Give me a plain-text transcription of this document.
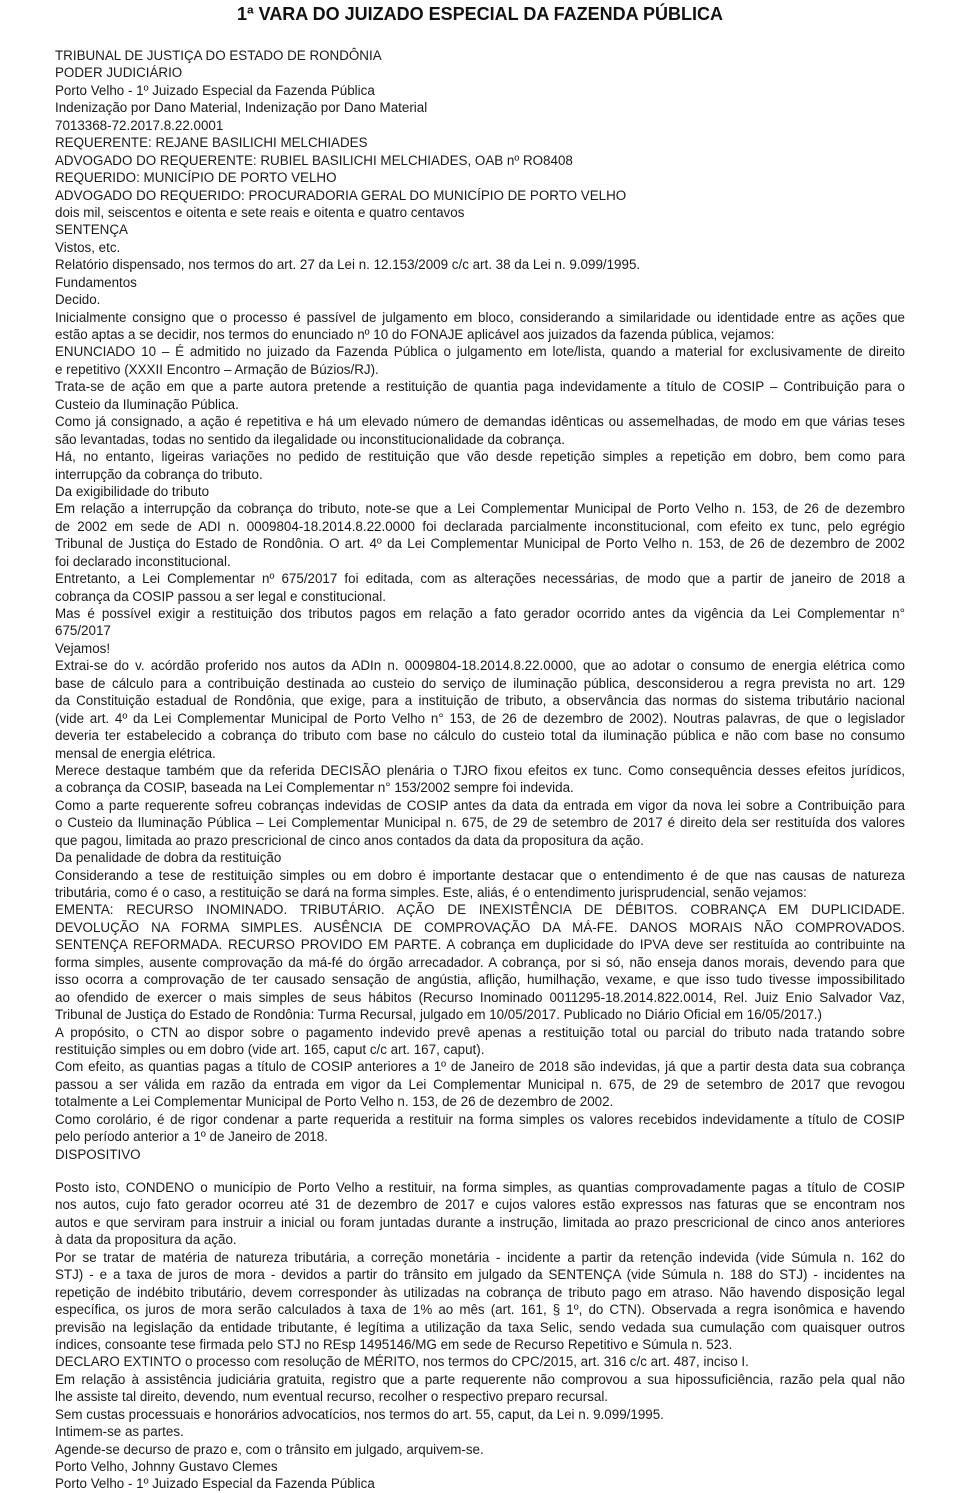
1ª VARA DO JUIZADO ESPECIAL DA FAZENDA PÚBLICA
TRIBUNAL DE JUSTIÇA DO ESTADO DE RONDÔNIA
PODER JUDICIÁRIO
Porto Velho - 1º Juizado Especial da Fazenda Pública
Indenização por Dano Material, Indenização por Dano Material
7013368-72.2017.8.22.0001
REQUERENTE: REJANE BASILICHI MELCHIADES
ADVOGADO DO REQUERENTE: RUBIEL BASILICHI MELCHIADES, OAB nº RO8408
REQUERIDO: MUNICÍPIO DE PORTO VELHO
ADVOGADO DO REQUERIDO: PROCURADORIA GERAL DO MUNICÍPIO DE PORTO VELHO
dois mil, seiscentos e oitenta e sete reais e oitenta e quatro centavos
SENTENÇA
Vistos, etc.
Relatório dispensado, nos termos do art. 27 da Lei n. 12.153/2009 c/c art. 38 da Lei n. 9.099/1995.
Fundamentos
Decido.
Inicialmente consigno que o processo é passível de julgamento em bloco, considerando a similaridade ou identidade entre as ações que
estão aptas a se decidir, nos termos do enunciado nº 10 do FONAJE aplicável aos juizados da fazenda pública, vejamos:
ENUNCIADO 10 – É admitido no juizado da Fazenda Pública o julgamento em lote/lista, quando a material for exclusivamente de direito
e repetitivo (XXXII Encontro – Armação de Búzios/RJ).
Trata-se de ação em que a parte autora pretende a restituição de quantia paga indevidamente a título de COSIP – Contribuição para o
Custeio da Iluminação Pública.
Como já consignado, a ação é repetitiva e há um elevado número de demandas idênticas ou assemelhadas, de modo em que várias teses
são levantadas, todas no sentido da ilegalidade ou inconstitucionalidade da cobrança.
Há, no entanto, ligeiras variações no pedido de restituição que vão desde repetição simples a repetição em dobro, bem como para
interrupção da cobrança do tributo.
Da exigibilidade do tributo
Em relação a interrupção da cobrança do tributo, note-se que a Lei Complementar Municipal de Porto Velho n. 153, de 26 de dezembro
de 2002 em sede de ADI n. 0009804-18.2014.8.22.0000 foi declarada parcialmente inconstitucional, com efeito ex tunc, pelo egrégio
Tribunal de Justiça do Estado de Rondônia. O art. 4º da Lei Complementar Municipal de Porto Velho n. 153, de 26 de dezembro de 2002
foi declarado inconstitucional.
Entretanto, a Lei Complementar nº 675/2017 foi editada, com as alterações necessárias, de modo que a partir de janeiro de 2018 a
cobrança da COSIP passou a ser legal e constitucional.
Mas é possível exigir a restituição dos tributos pagos em relação a fato gerador ocorrido antes da vigência da Lei Complementar n°
675/2017
Vejamos!
Extrai-se do v. acórdão proferido nos autos da ADIn n. 0009804-18.2014.8.22.0000, que ao adotar o consumo de energia elétrica como
base de cálculo para a contribuição destinada ao custeio do serviço de iluminação pública, desconsiderou a regra prevista no art. 129
da Constituição estadual de Rondônia, que exige, para a instituição de tributo, a observância das normas do sistema tributário nacional
(vide art. 4º da Lei Complementar Municipal de Porto Velho n° 153, de 26 de dezembro de 2002). Noutras palavras, de que o legislador
deveria ter estabelecido a cobrança do tributo com base no cálculo do custeio total da iluminação pública e não com base no consumo
mensal de energia elétrica.
Merece destaque também que da referida DECISÃO plenária o TJRO fixou efeitos ex tunc. Como consequência desses efeitos jurídicos,
a cobrança da COSIP, baseada na Lei Complementar n° 153/2002 sempre foi indevida.
Como a parte requerente sofreu cobranças indevidas de COSIP antes da data da entrada em vigor da nova lei sobre a Contribuição para
o Custeio da Iluminação Pública – Lei Complementar Municipal n. 675, de 29 de setembro de 2017 é direito dela ser restituída dos valores
que pagou, limitada ao prazo prescricional de cinco anos contados da data da propositura da ação.
Da penalidade de dobra da restituição
Considerando a tese de restituição simples ou em dobro é importante destacar que o entendimento é de que nas causas de natureza
tributária, como é o caso, a restituição se dará na forma simples. Este, aliás, é o entendimento jurisprudencial, senão vejamos:
EMENTA: RECURSO INOMINADO. TRIBUTÁRIO. AÇÃO DE INEXISTÊNCIA DE DÉBITOS. COBRANÇA EM DUPLICIDADE.
DEVOLUÇÃO NA FORMA SIMPLES. AUSÊNCIA DE COMPROVAÇÃO DA MÁ-FE. DANOS MORAIS NÃO COMPROVADOS.
SENTENÇA REFORMADA. RECURSO PROVIDO EM PARTE. A cobrança em duplicidade do IPVA deve ser restituída ao contribuinte na
forma simples, ausente comprovação da má-fé do órgão arrecadador. A cobrança, por si só, não enseja danos morais, devendo para que
isso ocorra a comprovação de ter causado sensação de angústia, aflição, humilhação, vexame, e que isso tudo tivesse impossibilitado
ao ofendido de exercer o mais simples de seus hábitos (Recurso Inominado 0011295-18.2014.822.0014, Rel. Juiz Enio Salvador Vaz,
Tribunal de Justiça do Estado de Rondônia: Turma Recursal, julgado em 10/05/2017. Publicado no Diário Oficial em 16/05/2017.)
A propósito, o CTN ao dispor sobre o pagamento indevido prevê apenas a restituição total ou parcial do tributo nada tratando sobre
restituição simples ou em dobro (vide art. 165, caput c/c art. 167, caput).
Com efeito, as quantias pagas a título de COSIP anteriores a 1º de Janeiro de 2018 são indevidas, já que a partir desta data sua cobrança
passou a ser válida em razão da entrada em vigor da Lei Complementar Municipal n. 675, de 29 de setembro de 2017 que revogou
totalmente a Lei Complementar Municipal de Porto Velho n. 153, de 26 de dezembro de 2002.
Como corolário, é de rigor condenar a parte requerida a restituir na forma simples os valores recebidos indevidamente a título de COSIP
pelo período anterior a 1º de Janeiro de 2018.
DISPOSITIVO
Posto isto, CONDENO o município de Porto Velho a restituir, na forma simples, as quantias comprovadamente pagas a título de COSIP
nos autos, cujo fato gerador ocorreu até 31 de dezembro de 2017 e cujos valores estão expressos nas faturas que se encontram nos
autos e que serviram para instruir a inicial ou foram juntadas durante a instrução, limitada ao prazo prescricional de cinco anos anteriores
à data da propositura da ação.
Por se tratar de matéria de natureza tributária, a correção monetária - incidente a partir da retenção indevida (vide Súmula n. 162 do
STJ) - e a taxa de juros de mora - devidos a partir do trânsito em julgado da SENTENÇA (vide Súmula n. 188 do STJ) - incidentes na
repetição de indébito tributário, devem corresponder às utilizadas na cobrança de tributo pago em atraso. Não havendo disposição legal
específica, os juros de mora serão calculados à taxa de 1% ao mês (art. 161, § 1º, do CTN). Observada a regra isonômica e havendo
previsão na legislação da entidade tributante, é legítima a utilização da taxa Selic, sendo vedada sua cumulação com quaisquer outros
índices, consoante tese firmada pelo STJ no REsp 1495146/MG em sede de Recurso Repetitivo e Súmula n. 523.
DECLARO EXTINTO o processo com resolução de MÉRITO, nos termos do CPC/2015, art. 316 c/c art. 487, inciso I.
Em relação à assistência judiciária gratuita, registro que a parte requerente não comprovou a sua hipossuficiência, razão pela qual não
lhe assiste tal direito, devendo, num eventual recurso, recolher o respectivo preparo recursal.
Sem custas processuais e honorários advocatícios, nos termos do art. 55, caput, da Lei n. 9.099/1995.
Intimem-se as partes.
Agende-se decurso de prazo e, com o trânsito em julgado, arquivem-se.
Porto Velho, Johnny Gustavo Clemes
Porto Velho - 1º Juizado Especial da Fazenda Pública
